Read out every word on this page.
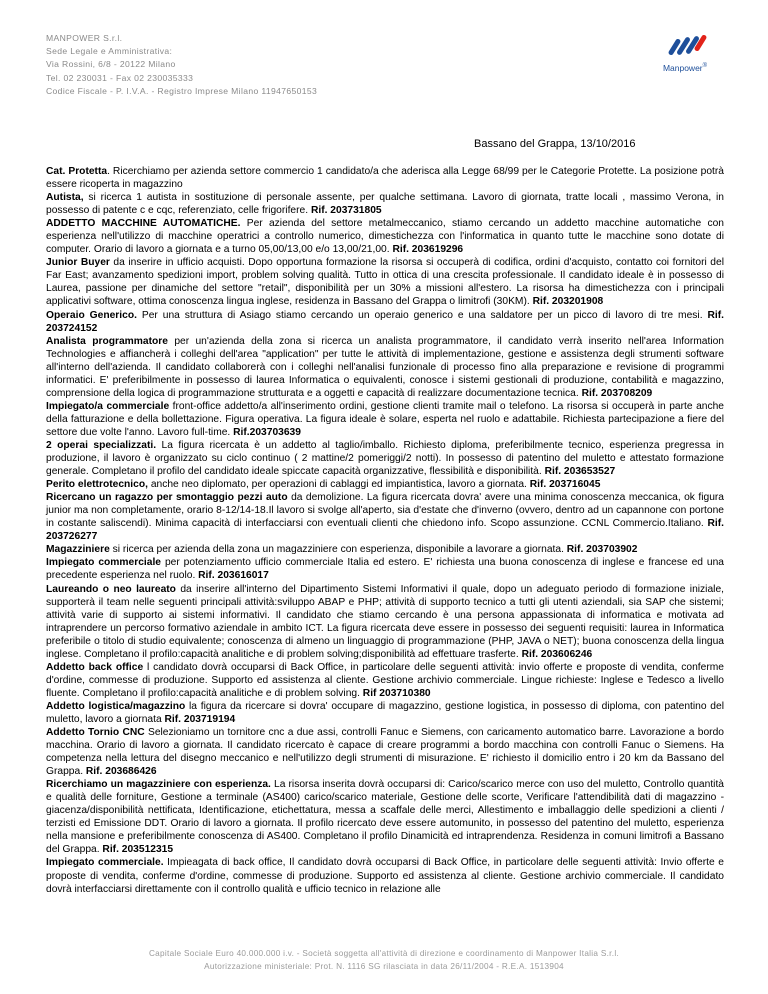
MANPOWER S.r.l.
Sede Legale e Amministrativa:
Via Rossini, 6/8 - 20122 Milano
Tel. 02 230031 - Fax 02 230035333
Codice Fiscale - P. I.V.A. - Registro Imprese Milano 11947650153
Manpower®
Bassano del Grappa, 13/10/2016
Cat. Protetta. Ricerchiamo per azienda settore commercio 1 candidato/a che aderisca alla Legge 68/99 per le Categorie Protette. La posizione potrà essere ricoperta in magazzino
Autista, si ricerca 1 autista in sostituzione di personale assente, per qualche settimana. Lavoro di giornata, tratte locali , massimo Verona, in possesso di patente c e cqc, referenziato, celle frigorifere. Rif. 203731805
ADDETTO MACCHINE AUTOMATICHE. Per azienda del settore metalmeccanico, stiamo cercando un addetto macchine automatiche con esperienza nell'utilizzo di macchine operatrici a controllo numerico, dimestichezza con l'informatica in quanto tutte le macchine sono dotate di computer. Orario di lavoro a giornata e a turno 05,00/13,00 e/o 13,00/21,00. Rif. 203619296
Junior Buyer da inserire in ufficio acquisti. Dopo opportuna formazione la risorsa si occuperà di codifica, ordini d'acquisto, contatto coi fornitori del Far East; avanzamento spedizioni import, problem solving qualità. Tutto in ottica di una crescita professionale. Il candidato ideale è in possesso di Laurea, passione per dinamiche del settore "retail", disponibilità per un 30% a missioni all'estero. La risorsa ha dimestichezza con i principali applicativi software, ottima conoscenza lingua inglese, residenza in Bassano del Grappa o limitrofi (30KM). Rif. 203201908
Operaio Generico. Per una struttura di Asiago stiamo cercando un operaio generico e una saldatore per un picco di lavoro di tre mesi. Rif. 203724152
Analista programmatore per un'azienda della zona si ricerca un analista programmatore, il candidato verrà inserito nell'area Information Technologies e affiancherà i colleghi dell'area "application" per tutte le attività di implementazione, gestione e assistenza degli strumenti software all'interno dell'azienda. Il candidato collaborerà con i colleghi nell'analisi funzionale di processo fino alla preparazione e revisione di programmi informatici. E' preferibilmente in possesso di laurea Informatica o equivalenti, conosce i sistemi gestionali di produzione, contabilità e magazzino, comprensione della logica di programmazione strutturata e a oggetti e capacità di realizzare documentazione tecnica. Rif. 203708209
Impiegato/a commerciale front-office addetto/a all'inserimento ordini, gestione clienti tramite mail o telefono. La risorsa si occuperà in parte anche della fatturazione e della bollettazione. Figura operativa. La figura ideale è solare, esperta nel ruolo e adattabile. Richiesta partecipazione a fiere del settore due volte l'anno. Lavoro full-time. Rif.203703639
2 operai specializzati. La figura ricercata è un addetto al taglio/imballo. Richiesto diploma, preferibilmente tecnico, esperienza pregressa in produzione, il lavoro è organizzato su ciclo continuo ( 2 mattine/2 pomeriggi/2 notti). In possesso di patentino del muletto e attestato formazione generale. Completano il profilo del candidato ideale spiccate capacità organizzative, flessibilità e disponibilità. Rif. 203653527
Perito elettrotecnico, anche neo diplomato, per operazioni di cablaggi ed impiantistica, lavoro a giornata. Rif. 203716045
Ricercano un ragazzo per smontaggio pezzi auto da demolizione. La figura ricercata dovra' avere una minima conoscenza meccanica, ok figura junior ma non completamente, orario 8-12/14-18.Il lavoro si svolge all'aperto, sia d'estate che d'inverno (ovvero, dentro ad un capannone con portone in costante saliscendi). Minima capacità di interfacciarsi con eventuali clienti che chiedono info. Scopo assunzione. CCNL Commercio.Italiano. Rif. 203726277
Magazziniere si ricerca per azienda della zona un magazziniere con esperienza, disponibile a lavorare a giornata. Rif. 203703902
Impiegato commerciale per potenziamento ufficio commerciale Italia ed estero. E' richiesta una buona conoscenza di inglese e francese ed una precedente esperienza nel ruolo. Rif. 203616017
Laureando o neo laureato da inserire all'interno del Dipartimento Sistemi Informativi il quale, dopo un adeguato periodo di formazione iniziale, supporterà il team nelle seguenti principali attività:sviluppo ABAP e PHP; attività di supporto tecnico a tutti gli utenti aziendali, sia SAP che sistemi; attività varie di supporto ai sistemi informativi. Il candidato che stiamo cercando è una persona appassionata di informatica e motivata ad intraprendere un percorso formativo aziendale in ambito ICT. La figura ricercata deve essere in possesso dei seguenti requisiti: laurea in Informatica preferibile o titolo di studio equivalente; conoscenza di almeno un linguaggio di programmazione (PHP, JAVA o NET); buona conoscenza della lingua inglese. Completano il profilo:capacità analitiche e di problem solving;disponibilità ad effettuare trasferte. Rif. 203606246
Addetto back office l candidato dovrà occuparsi di Back Office, in particolare delle seguenti attività: invio offerte e proposte di vendita, conferme d'ordine, commesse di produzione. Supporto ed assistenza al cliente. Gestione archivio commerciale. Lingue richieste: Inglese e Tedesco a livello fluente. Completano il profilo:capacità analitiche e di problem solving. Rif 203710380
Addetto logistica/magazzino la figura da ricercare si dovra' occupare di magazzino, gestione logistica, in possesso di diploma, con patentino del muletto, lavoro a giornata Rif. 203719194
Addetto Tornio CNC Selezioniamo un tornitore cnc a due assi, controlli Fanuc e Siemens, con caricamento automatico barre. Lavorazione a bordo macchina. Orario di lavoro a giornata. Il candidato ricercato è capace di creare programmi a bordo macchina con controlli Fanuc o Siemens. Ha competenza nella lettura del disegno meccanico e nell'utilizzo degli strumenti di misurazione. E' richiesto il domicilio entro i 20 km da Bassano del Grappa. Rif. 203686426
Ricerchiamo un magazziniere con esperienza. La risorsa inserita dovrà occuparsi di: Carico/scarico merce con uso del muletto, Controllo quantità e qualità delle forniture, Gestione a terminale (AS400) carico/scarico materiale, Gestione delle scorte, Verificare l'attendibilità dati di magazzino - giacenza/disponibilità nettificata, Identificazione, etichettatura, messa a scaffale delle merci, Allestimento e imballaggio delle spedizioni a clienti / terzisti ed Emissione DDT. Orario di lavoro a giornata. Il profilo ricercato deve essere automunito, in possesso del patentino del muletto, esperienza nella mansione e preferibilmente conoscenza di AS400. Completano il profilo Dinamicità ed intraprendenza. Residenza in comuni limitrofi a Bassano del Grappa. Rif. 203512315
Impiegato commerciale. Impieagata di back office, Il candidato dovrà occuparsi di Back Office, in particolare delle seguenti attività: Invio offerte e proposte di vendita, conferme d'ordine, commesse di produzione. Supporto ed assistenza al cliente. Gestione archivio commerciale. Il candidato dovrà interfacciarsi direttamente con il controllo qualità e ufficio tecnico in relazione alle
Capitale Sociale Euro 40.000.000 i.v. - Società soggetta all'attività di direzione e coordinamento di Manpower Italia S.r.l.
Autorizzazione ministeriale: Prot. N. 1116 SG rilasciata in data 26/11/2004 - R.E.A. 1513904
